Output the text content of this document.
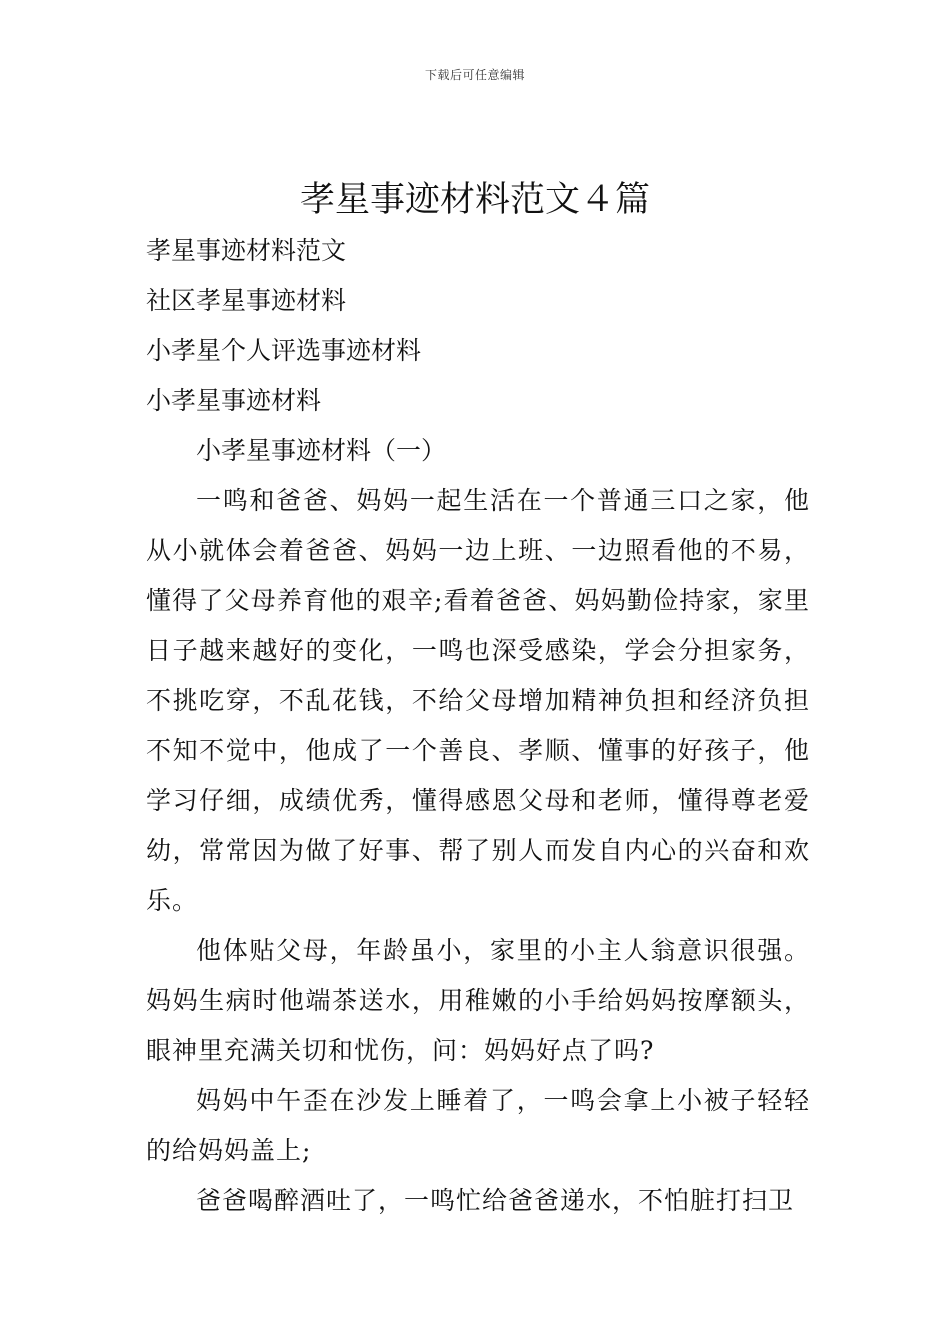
下载后可任意编辑
孝星事迹材料范文４篇

孝星事迹材料范文

社区孝星事迹材料

小孝星个人评选事迹材料

小孝星事迹材料

小孝星事迹材料（一）

一鸣和爸爸、妈妈一起生活在一个普通三口之家，他从小就体会着爸爸、妈妈一边上班、一边照看他的不易，懂得了父母养育他的艰辛;看着爸爸、妈妈勤俭持家，家里日子越来越好的变化，一鸣也深受感染，学会分担家务，不挑吃穿，不乱花钱，不给父母增加精神负担和经济负担不知不觉中，他成了一个善良、孝顺、懂事的好孩子，他学习仔细，成绩优秀，懂得感恩父母和老师，懂得尊老爱幼，常常因为做了好事、帮了别人而发自内心的兴奋和欢乐。

他体贴父母，年龄虽小，家里的小主人翁意识很强。妈妈生病时他端茶送水，用稚嫩的小手给妈妈按摩额头，眼神里充满关切和忧伤，问：妈妈好点了吗?

妈妈中午歪在沙发上睡着了，一鸣会拿上小被子轻轻的给妈妈盖上;

爸爸喝醉酒吐了，一鸣忙给爸爸递水，不怕脏打扫卫
